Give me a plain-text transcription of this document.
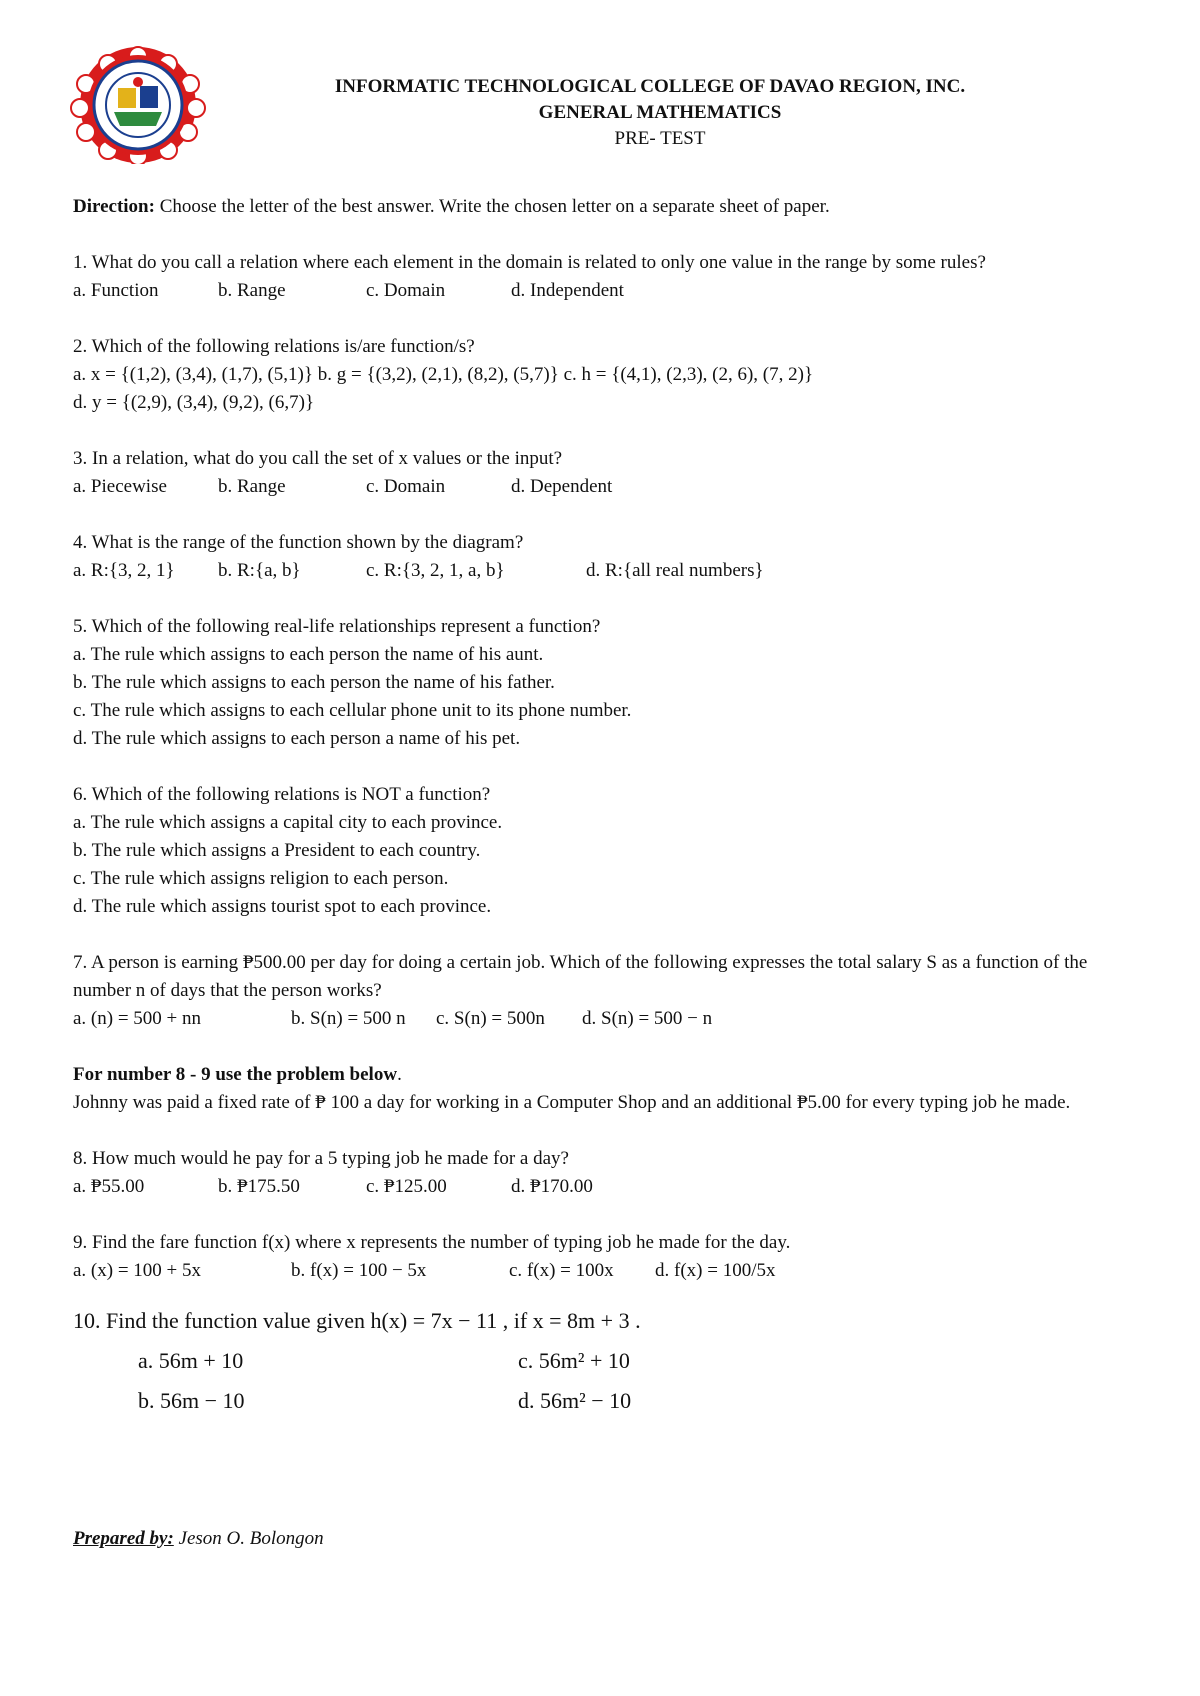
INFORMATIC TECHNOLOGICAL COLLEGE OF DAVAO REGION, INC.
GENERAL MATHEMATICS
PRE- TEST

Direction: Choose the letter of the best answer. Write the chosen letter on a separate sheet of paper.

1. What do you call a relation where each element in the domain is related to only one value in the range by some rules?

a. Function	b. Range	c. Domain	d. Independent

2. Which of the following relations is/are function/s?

a. x = {(1,2), (3,4), (1,7), (5,1)} b. g = {(3,2), (2,1), (8,2), (5,7)} c. h = {(4,1), (2,3), (2, 6), (7, 2)}

d. y = {(2,9), (3,4), (9,2), (6,7)}

3. In a relation, what do you call the set of x values or the input?

a. Piecewise	b. Range	c. Domain	d. Dependent

4. What is the range of the function shown by the diagram?

a. R:{3, 2, 1}	b. R:{a, b}	c. R:{3, 2, 1, a, b}	d. R:{all real numbers}

5. Which of the following real-life relationships represent a function?

a. The rule which assigns to each person the name of his aunt.

b. The rule which assigns to each person the name of his father.

c. The rule which assigns to each cellular phone unit to its phone number.

d. The rule which assigns to each person a name of his pet.

6. Which of the following relations is NOT a function?

a. The rule which assigns a capital city to each province.

b. The rule which assigns a President to each country.

c. The rule which assigns religion to each person.

d. The rule which assigns tourist spot to each province.

7. A person is earning ₱500.00 per day for doing a certain job. Which of the following expresses the total salary S as a function of the number n of days that the person works?

a. (n) = 500 + nn	b. S(n) = 500 n	c. S(n) = 500n	d. S(n) = 500 − n

For number 8 - 9 use the problem below.

Johnny was paid a fixed rate of ₱ 100 a day for working in a Computer Shop and an additional ₱5.00 for every typing job he made.

8. How much would he pay for a 5 typing job he made for a day?

a. ₱55.00	b. ₱175.50	c. ₱125.00	d. ₱170.00

9. Find the fare function f(x) where x represents the number of typing job he made for the day.

a. (x) = 100 + 5x	b. f(x) = 100 − 5x	c. f(x) = 100x	d. f(x) = 100/5x

10. Find the function value given h(x) = 7x − 11 , if x = 8m + 3 .

a. 56m + 10	c. 56m² + 10
b. 56m − 10	d. 56m² − 10
Prepared by: Jeson O. Bolongon
